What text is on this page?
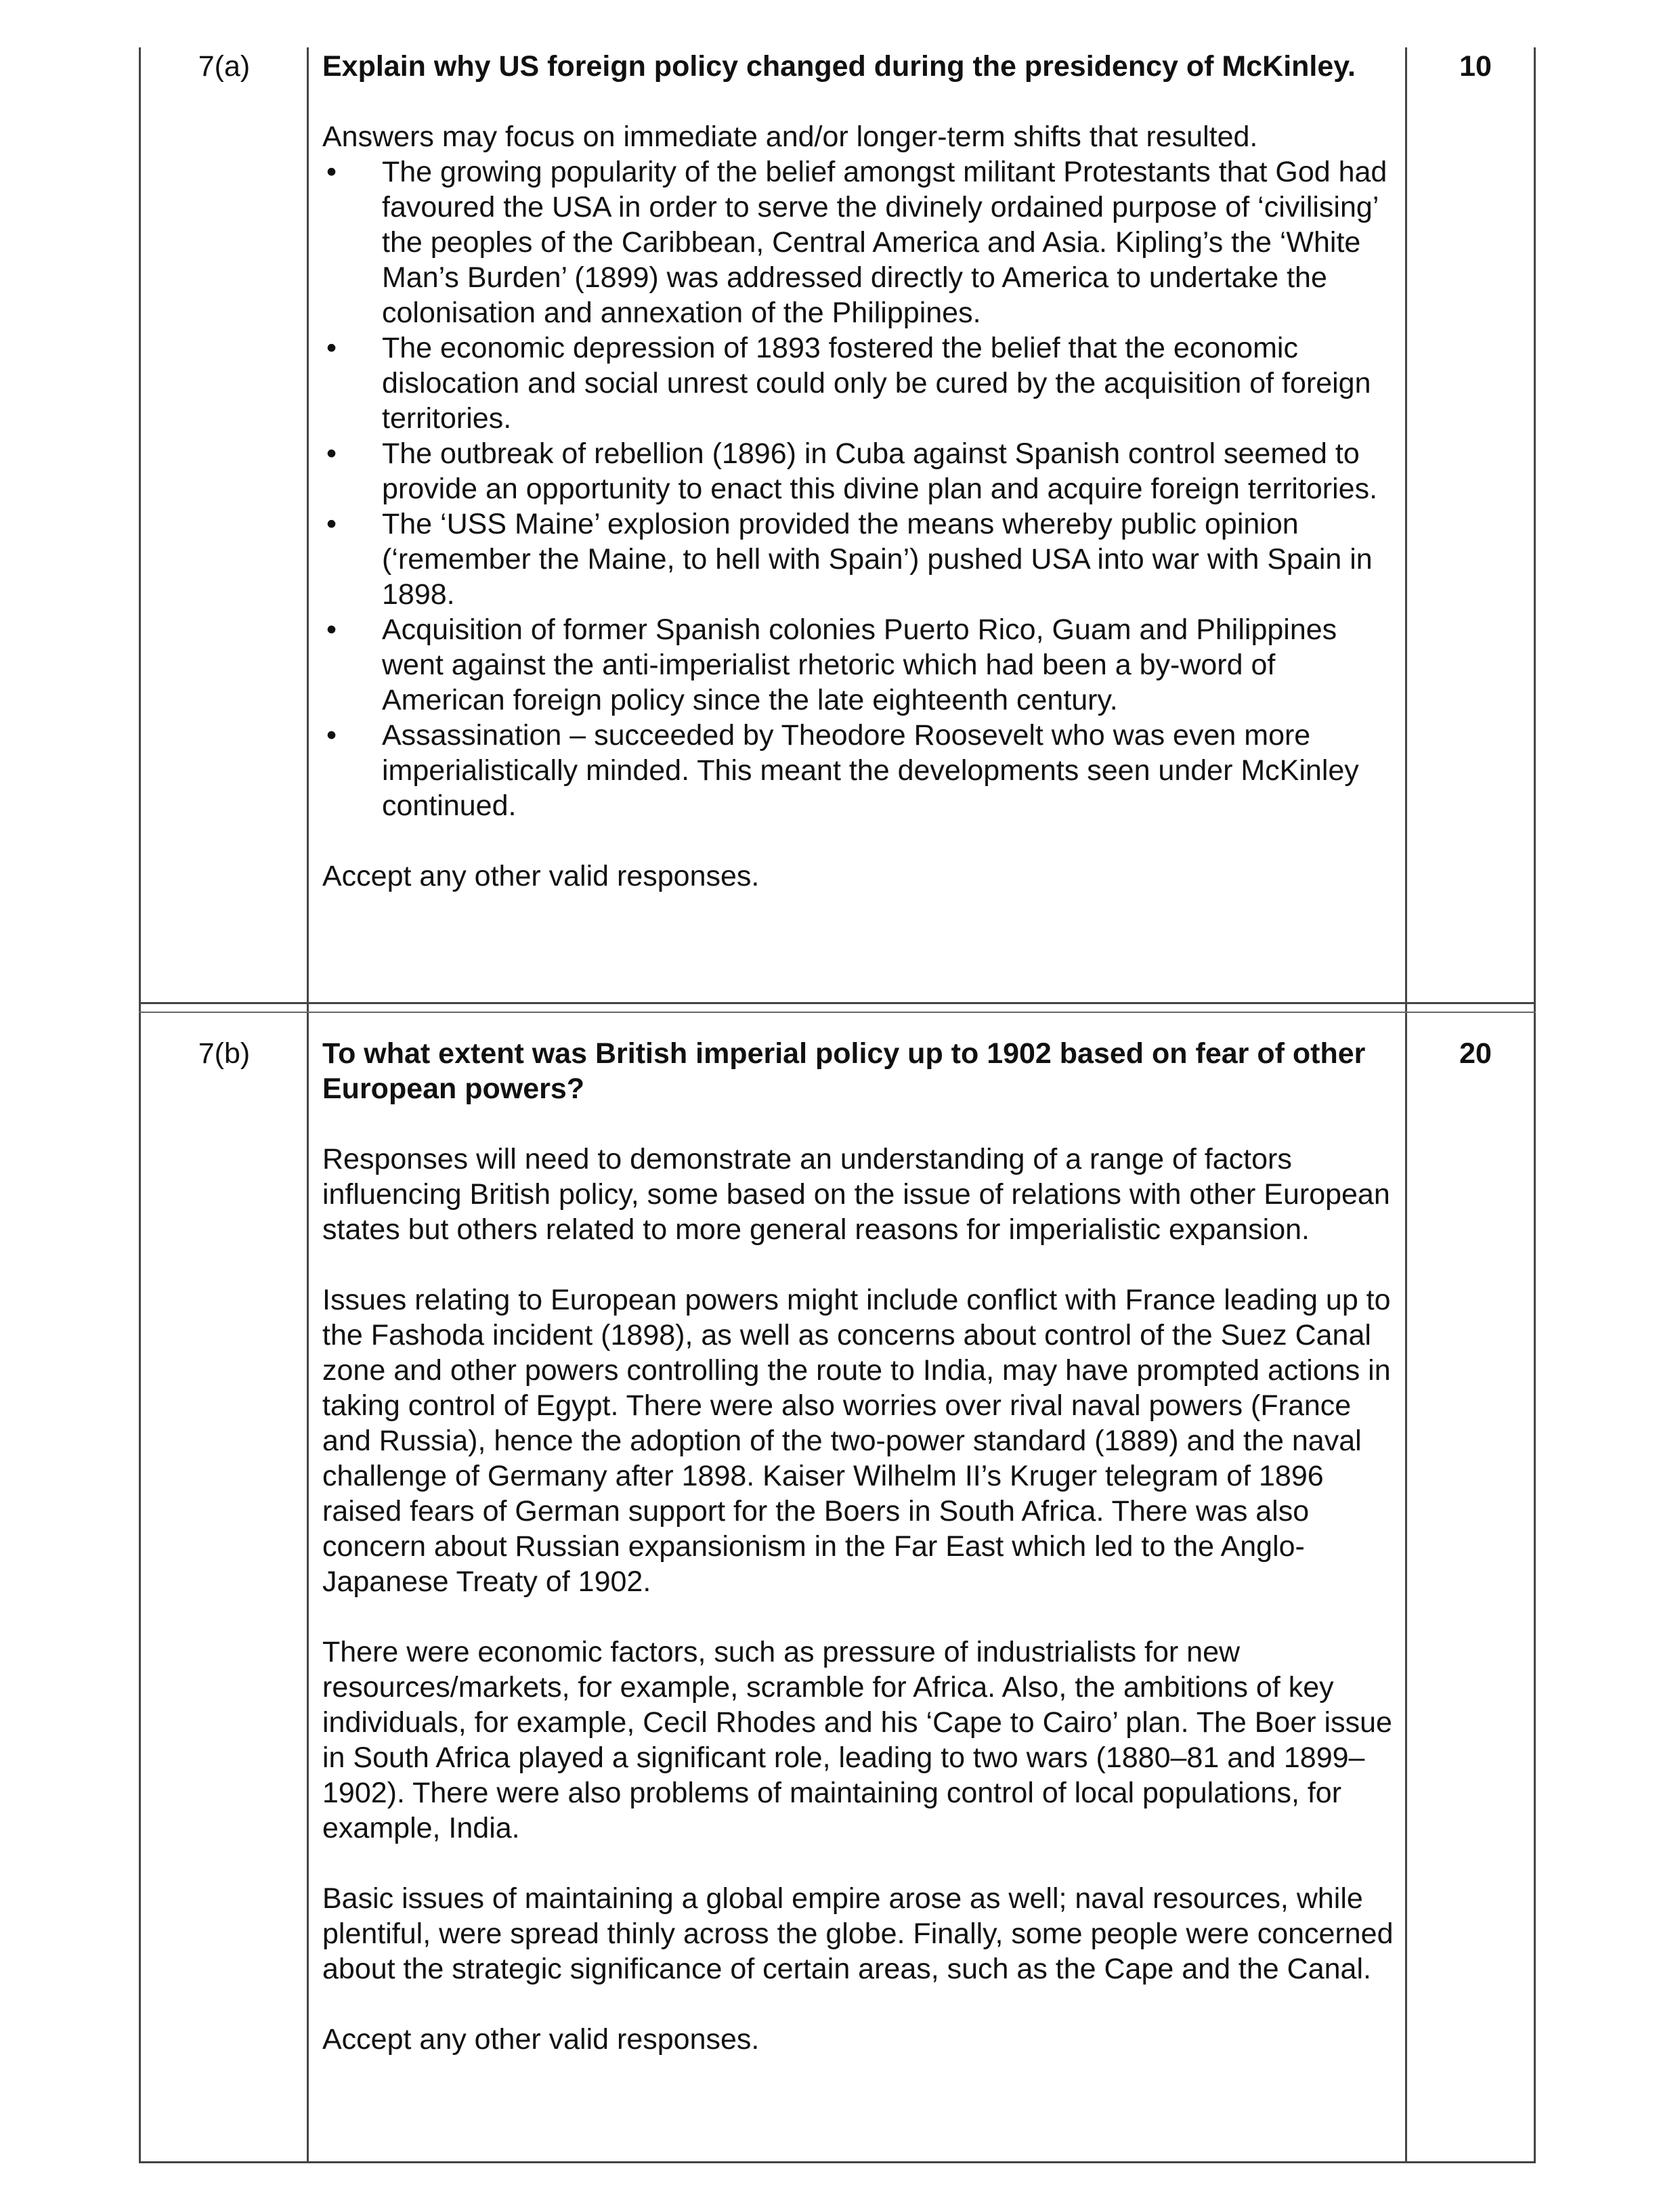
7(a)	10

Explain why US foreign policy changed during the presidency of McKinley.

Answers may focus on immediate and/or longer-term shifts that resulted.

• The growing popularity of the belief amongst militant Protestants that God had favoured the USA in order to serve the divinely ordained purpose of ‘civilising’ the peoples of the Caribbean, Central America and Asia. Kipling’s the ‘White Man’s Burden’ (1899) was addressed directly to America to undertake the colonisation and annexation of the Philippines.
• The economic depression of 1893 fostered the belief that the economic dislocation and social unrest could only be cured by the acquisition of foreign territories.
• The outbreak of rebellion (1896) in Cuba against Spanish control seemed to provide an opportunity to enact this divine plan and acquire foreign territories.
• The ‘USS Maine’ explosion provided the means whereby public opinion (‘remember the Maine, to hell with Spain’) pushed USA into war with Spain in 1898.
• Acquisition of former Spanish colonies Puerto Rico, Guam and Philippines went against the anti-imperialist rhetoric which had been a by-word of American foreign policy since the late eighteenth century.
• Assassination – succeeded by Theodore Roosevelt who was even more imperialistically minded. This meant the developments seen under McKinley continued.

Accept any other valid responses.

7(b)	20

To what extent was British imperial policy up to 1902 based on fear of other European powers?

Responses will need to demonstrate an understanding of a range of factors influencing British policy, some based on the issue of relations with other European states but others related to more general reasons for imperialistic expansion.

Issues relating to European powers might include conflict with France leading up to the Fashoda incident (1898), as well as concerns about control of the Suez Canal zone and other powers controlling the route to India, may have prompted actions in taking control of Egypt. There were also worries over rival naval powers (France and Russia), hence the adoption of the two-power standard (1889) and the naval challenge of Germany after 1898. Kaiser Wilhelm II’s Kruger telegram of 1896 raised fears of German support for the Boers in South Africa. There was also concern about Russian expansionism in the Far East which led to the Anglo-Japanese Treaty of 1902.

There were economic factors, such as pressure of industrialists for new resources/markets, for example, scramble for Africa. Also, the ambitions of key individuals, for example, Cecil Rhodes and his ‘Cape to Cairo’ plan. The Boer issue in South Africa played a significant role, leading to two wars (1880–81 and 1899–1902). There were also problems of maintaining control of local populations, for example, India.

Basic issues of maintaining a global empire arose as well; naval resources, while plentiful, were spread thinly across the globe. Finally, some people were concerned about the strategic significance of certain areas, such as the Cape and the Canal.

Accept any other valid responses.
